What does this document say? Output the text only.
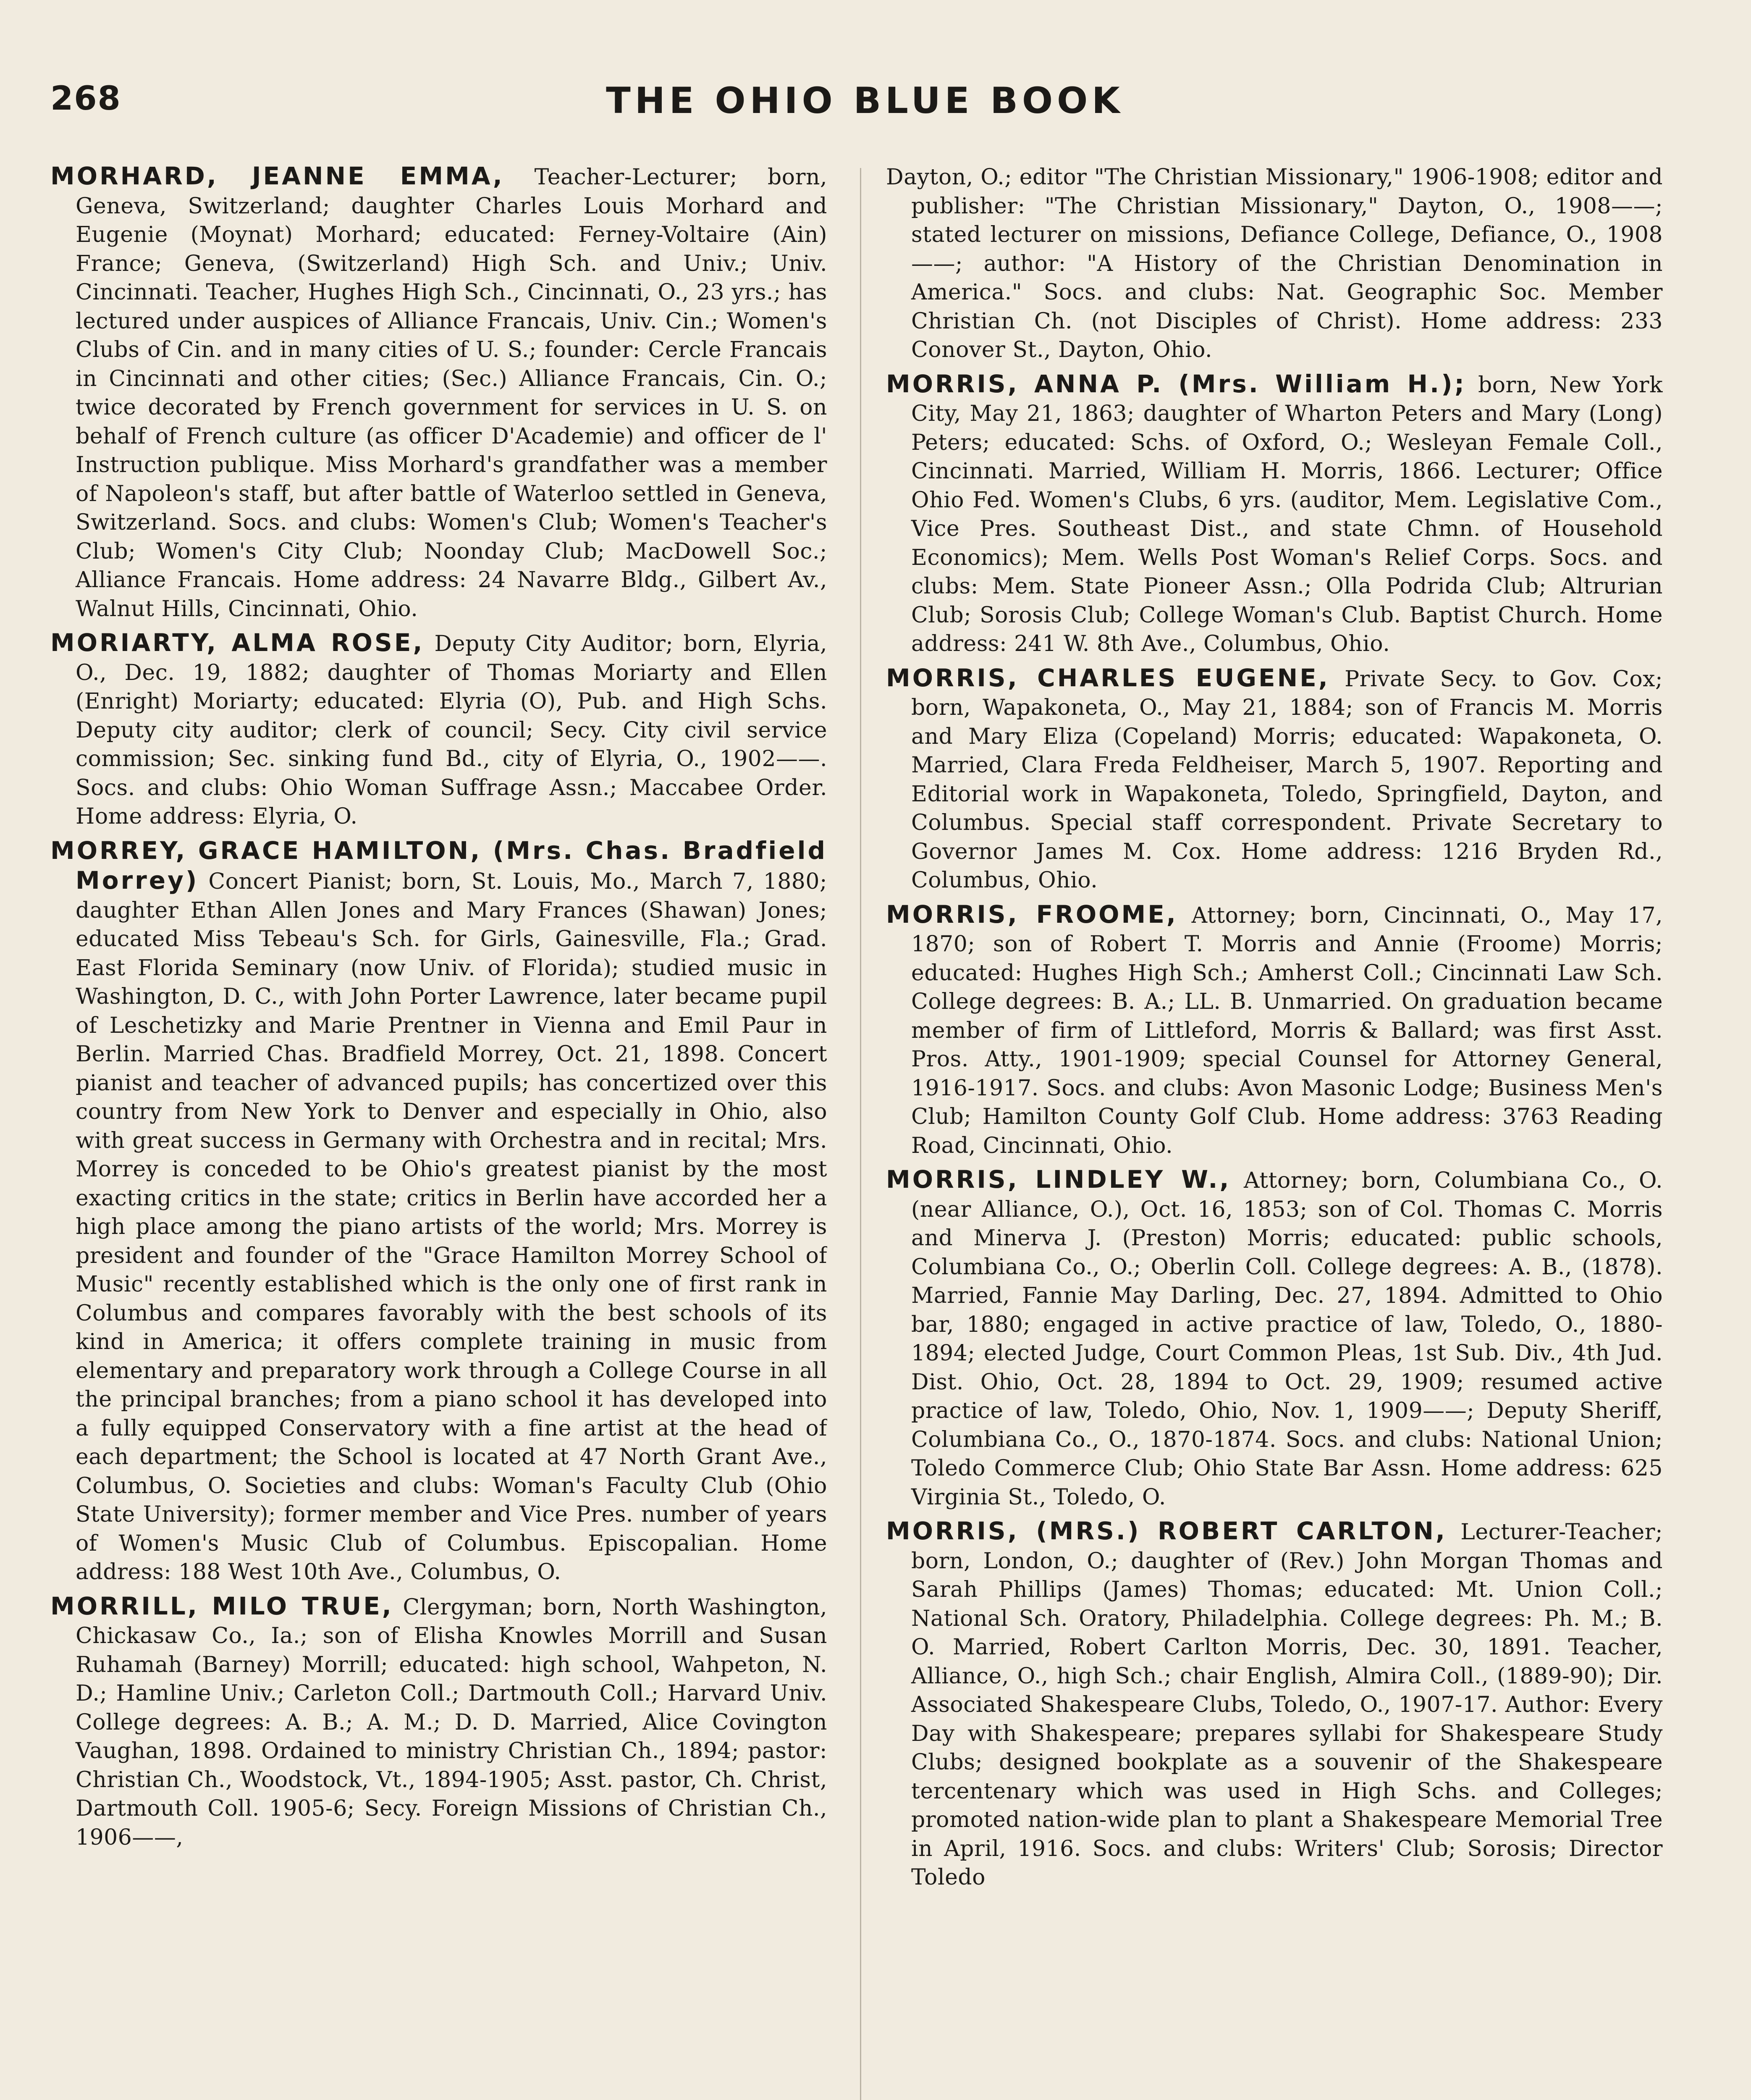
268	THE OHIO BLUE BOOK

MORHARD, JEANNE EMMA, Teacher-Lecturer; born, Geneva, Switzerland; daughter Charles Louis Morhard and Eugenie (Moynat) Morhard; educated: Ferney-Voltaire (Ain) France; Geneva, (Switzerland) High Sch. and Univ.; Univ. Cincinnati. Teacher, Hughes High Sch., Cincinnati, O., 23 yrs.; has lectured under auspices of Alliance Francais, Univ. Cin.; Women's Clubs of Cin. and in many cities of U. S.; founder: Cercle Francais in Cincinnati and other cities; (Sec.) Alliance Francais, Cin. O.; twice decorated by French government for services in U. S. on behalf of French culture (as officer D'Academie) and officer de l' Instruction publique. Miss Morhard's grandfather was a member of Napoleon's staff, but after battle of Waterloo settled in Geneva, Switzerland. Socs. and clubs: Women's Club; Women's Teacher's Club; Women's City Club; Noonday Club; MacDowell Soc.; Alliance Francais. Home address: 24 Navarre Bldg., Gilbert Av., Walnut Hills, Cincinnati, Ohio.

MORIARTY, ALMA ROSE, Deputy City Auditor; born, Elyria, O., Dec. 19, 1882; daughter of Thomas Moriarty and Ellen (Enright) Moriarty; educated: Elyria (O), Pub. and High Schs. Deputy city auditor; clerk of council; Secy. City civil service commission; Sec. sinking fund Bd., city of Elyria, O., 1902——. Socs. and clubs: Ohio Woman Suffrage Assn.; Maccabee Order. Home address: Elyria, O.

MORREY, GRACE HAMILTON, (Mrs. Chas. Bradfield Morrey) Concert Pianist; born, St. Louis, Mo., March 7, 1880; daughter Ethan Allen Jones and Mary Frances (Shawan) Jones; educated Miss Tebeau's Sch. for Girls, Gainesville, Fla.; Grad. East Florida Seminary (now Univ. of Florida); studied music in Washington, D. C., with John Porter Lawrence, later became pupil of Leschetizky and Marie Prentner in Vienna and Emil Paur in Berlin. Married Chas. Bradfield Morrey, Oct. 21, 1898. Concert pianist and teacher of advanced pupils; has concertized over this country from New York to Denver and especially in Ohio, also with great success in Germany with Orchestra and in recital; Mrs. Morrey is conceded to be Ohio's greatest pianist by the most exacting critics in the state; critics in Berlin have accorded her a high place among the piano artists of the world; Mrs. Morrey is president and founder of the "Grace Hamilton Morrey School of Music" recently established which is the only one of first rank in Columbus and compares favorably with the best schools of its kind in America; it offers complete training in music from elementary and preparatory work through a College Course in all the principal branches; from a piano school it has developed into a fully equipped Conservatory with a fine artist at the head of each department; the School is located at 47 North Grant Ave., Columbus, O. Societies and clubs: Woman's Faculty Club (Ohio State University); former member and Vice Pres. number of years of Women's Music Club of Columbus. Episcopalian. Home address: 188 West 10th Ave., Columbus, O.

MORRILL, MILO TRUE, Clergyman; born, North Washington, Chickasaw Co., Ia.; son of Elisha Knowles Morrill and Susan Ruhamah (Barney) Morrill; educated: high school, Wahpeton, N. D.; Hamline Univ.; Carleton Coll.; Dartmouth Coll.; Harvard Univ. College degrees: A. B.; A. M.; D. D. Married, Alice Covington Vaughan, 1898. Ordained to ministry Christian Ch., 1894; pastor: Christian Ch., Woodstock, Vt., 1894-1905; Asst. pastor, Ch. Christ, Dartmouth Coll. 1905-6; Secy. Foreign Missions of Christian Ch., 1906——,

Dayton, O.; editor "The Christian Missionary," 1906-1908; editor and publisher: "The Christian Missionary," Dayton, O., 1908——; stated lecturer on missions, Defiance College, Defiance, O., 1908——; author: "A History of the Christian Denomination in America." Socs. and clubs: Nat. Geographic Soc. Member Christian Ch. (not Disciples of Christ). Home address: 233 Conover St., Dayton, Ohio.

MORRIS, ANNA P. (Mrs. William H.); born, New York City, May 21, 1863; daughter of Wharton Peters and Mary (Long) Peters; educated: Schs. of Oxford, O.; Wesleyan Female Coll., Cincinnati. Married, William H. Morris, 1866. Lecturer; Office Ohio Fed. Women's Clubs, 6 yrs. (auditor, Mem. Legislative Com., Vice Pres. Southeast Dist., and state Chmn. of Household Economics); Mem. Wells Post Woman's Relief Corps. Socs. and clubs: Mem. State Pioneer Assn.; Olla Podrida Club; Altrurian Club; Sorosis Club; College Woman's Club. Baptist Church. Home address: 241 W. 8th Ave., Columbus, Ohio.

MORRIS, CHARLES EUGENE, Private Secy. to Gov. Cox; born, Wapakoneta, O., May 21, 1884; son of Francis M. Morris and Mary Eliza (Copeland) Morris; educated: Wapakoneta, O. Married, Clara Freda Feldheiser, March 5, 1907. Reporting and Editorial work in Wapakoneta, Toledo, Springfield, Dayton, and Columbus. Special staff correspondent. Private Secretary to Governor James M. Cox. Home address: 1216 Bryden Rd., Columbus, Ohio.

MORRIS, FROOME, Attorney; born, Cincinnati, O., May 17, 1870; son of Robert T. Morris and Annie (Froome) Morris; educated: Hughes High Sch.; Amherst Coll.; Cincinnati Law Sch. College degrees: B. A.; LL. B. Unmarried. On graduation became member of firm of Littleford, Morris & Ballard; was first Asst. Pros. Atty., 1901-1909; special Counsel for Attorney General, 1916-1917. Socs. and clubs: Avon Masonic Lodge; Business Men's Club; Hamilton County Golf Club. Home address: 3763 Reading Road, Cincinnati, Ohio.

MORRIS, LINDLEY W., Attorney; born, Columbiana Co., O. (near Alliance, O.), Oct. 16, 1853; son of Col. Thomas C. Morris and Minerva J. (Preston) Morris; educated: public schools, Columbiana Co., O.; Oberlin Coll. College degrees: A. B., (1878). Married, Fannie May Darling, Dec. 27, 1894. Admitted to Ohio bar, 1880; engaged in active practice of law, Toledo, O., 1880-1894; elected Judge, Court Common Pleas, 1st Sub. Div., 4th Jud. Dist. Ohio, Oct. 28, 1894 to Oct. 29, 1909; resumed active practice of law, Toledo, Ohio, Nov. 1, 1909——; Deputy Sheriff, Columbiana Co., O., 1870-1874. Socs. and clubs: National Union; Toledo Commerce Club; Ohio State Bar Assn. Home address: 625 Virginia St., Toledo, O.

MORRIS, (MRS.) ROBERT CARLTON, Lecturer-Teacher; born, London, O.; daughter of (Rev.) John Morgan Thomas and Sarah Phillips (James) Thomas; educated: Mt. Union Coll.; National Sch. Oratory, Philadelphia. College degrees: Ph. M.; B. O. Married, Robert Carlton Morris, Dec. 30, 1891. Teacher, Alliance, O., high Sch.; chair English, Almira Coll., (1889-90); Dir. Associated Shakespeare Clubs, Toledo, O., 1907-17. Author: Every Day with Shakespeare; prepares syllabi for Shakespeare Study Clubs; designed bookplate as a souvenir of the Shakespeare tercentenary which was used in High Schs. and Colleges; promoted nation-wide plan to plant a Shakespeare Memorial Tree in April, 1916. Socs. and clubs: Writers' Club; Sorosis; Director Toledo
